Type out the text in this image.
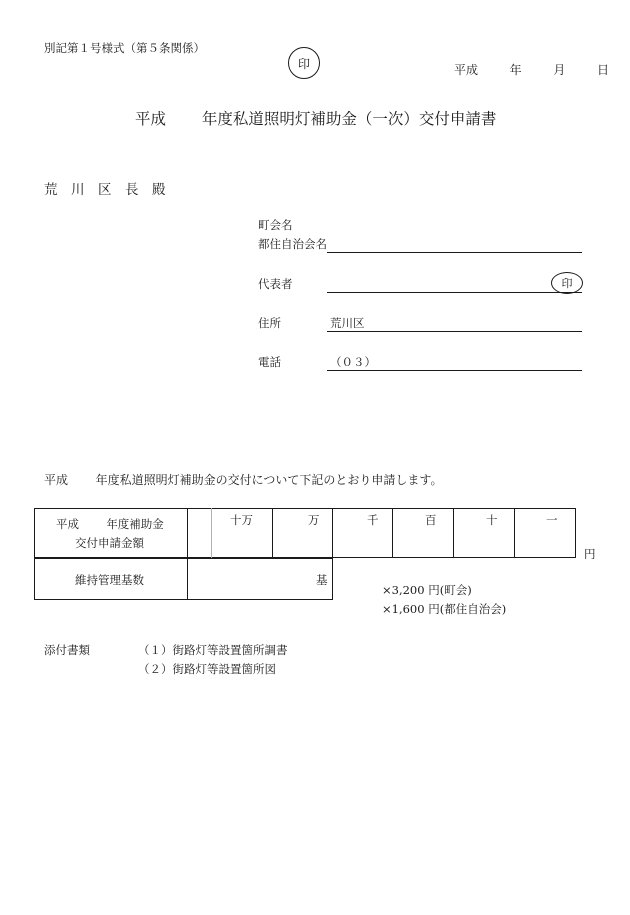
別記第１号様式（第５条関係）
印	平成	年	月	日
平成 年度私道照明灯補助金（一次）交付申請書
荒　川　区　長　殿
町会名
都住自治会名
代表者	印
住所	荒川区
電話	（０３）
平成 年度私道照明灯補助金の交付について下記のとおり申請します。
平成 年度補助金
交付申請金額
十万	万	千	百	十	一
円
維持管理基数	基
×3,200 円(町会)
×1,600 円(都住自治会)
添付書類	（１）街路灯等設置箇所調書
（２）街路灯等設置箇所図
